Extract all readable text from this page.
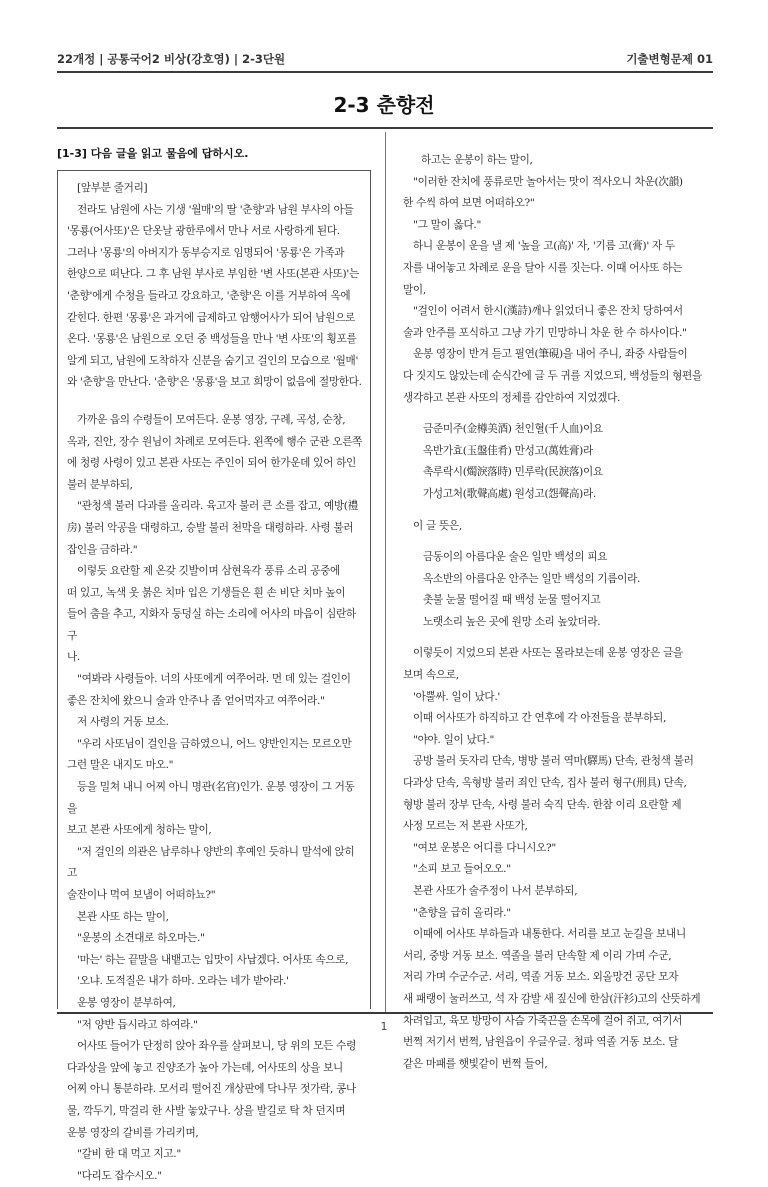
22개정 | 공통국어2 비상(강호영) | 2-3단원	기출변형문제 01
2-3 춘향전
[1-3] 다음 글을 읽고 물음에 답하시오.

[앞부분 줄거리]

전라도 남원에 사는 기생 '월매'의 딸 '춘향'과 남원 부사의 아들

'몽룡(어사또)'은 단옷날 광한루에서 만나 서로 사랑하게 된다.

그러나 '몽룡'의 아버지가 동부승지로 임명되어 '몽룡'은 가족과

한양으로 떠난다. 그 후 남원 부사로 부임한 '변 사또(본관 사또)'는

'춘향'에게 수청을 들라고 강요하고, '춘향'은 이를 거부하여 옥에

갇힌다. 한편 '몽룡'은 과거에 급제하고 암행어사가 되어 남원으로

온다. '몽룡'은 남원으로 오던 중 백성들을 만나 '변 사또'의 횡포를

알게 되고, 남원에 도착하자 신분을 숨기고 걸인의 모습으로 '월매'

와 '춘향'을 만난다. '춘향'은 '몽룡'을 보고 희망이 없음에 절망한다.

가까운 읍의 수령들이 모여든다. 운봉 영장, 구례, 곡성, 순창,

옥과, 진안, 장수 원님이 차례로 모여든다. 왼쪽에 행수 군관 오른쪽

에 청령 사령이 있고 본관 사또는 주인이 되어 한가운데 있어 하인

불러 분부하되,

"관청색 불러 다과를 올리라. 육고자 불러 큰 소를 잡고, 예방(禮

房) 불러 악공을 대령하고, 승발 불러 천막을 대령하라. 사령 불러

잡인을 금하라."

이렇듯 요란할 제 온갖 깃발이며 삼현육각 풍류 소리 공중에

떠 있고, 녹색 옷 붉은 치마 입은 기생들은 흰 손 비단 치마 높이

들어 춤을 추고, 지화자 둥덩실 하는 소리에 어사의 마음이 심란하구

나.

"여봐라 사령들아. 너의 사또에게 여쭈어라. 먼 데 있는 걸인이

좋은 잔치에 왔으니 술과 안주나 좀 얻어먹자고 여쭈어라."

저 사령의 거동 보소.

"우리 사또님이 걸인을 금하였으니, 어느 양반인지는 모르오만

그런 말은 내지도 마오."

등을 밀쳐 내니 어찌 아니 명관(名官)인가. 운봉 영장이 그 거동을

보고 본관 사또에게 청하는 말이,

"저 걸인의 의관은 남루하나 양반의 후예인 듯하니 말석에 앉히고

술잔이나 먹여 보냄이 어떠하뇨?"

본관 사또 하는 말이,

"운봉의 소견대로 하오마는."

'마는' 하는 끝말을 내뱉고는 입맛이 사납겠다. 어사또 속으로,

'오냐. 도적질은 내가 하마. 오라는 네가 받아라.'

운봉 영장이 분부하여,

"저 양반 듭시라고 하여라."

어사또 들어가 단정히 앉아 좌우를 살펴보니, 당 위의 모든 수령

다과상을 앞에 놓고 진양조가 높아 가는데, 어사또의 상을 보니

어찌 아니 통분하랴. 모서리 떨어진 개상판에 닥나무 젓가락, 콩나

물, 깍두기, 막걸리 한 사발 놓았구나. 상을 발길로 탁 차 던지며

운봉 영장의 갈비를 가리키며,

"갈비 한 대 먹고 지고."

"다리도 잡수시오."

하고는 운봉이 하는 말이,

"이러한 잔치에 풍류로만 놀아서는 맛이 적사오니 차운(次韻)

한 수씩 하여 보면 어떠하오?"

"그 말이 옳다."

하니 운봉이 운을 낼 제 '높을 고(高)' 자, '기름 고(膏)' 자 두

자를 내어놓고 차례로 운을 달아 시를 짓는다. 이때 어사또 하는

말이,

"걸인이 어려서 한시(漢詩)깨나 읽었더니 좋은 잔치 당하여서

술과 안주를 포식하고 그냥 가기 민망하니 차운 한 수 하사이다."

운봉 영장이 반겨 듣고 필연(筆硯)을 내어 주니, 좌중 사람들이

다 짓지도 않았는데 순식간에 글 두 귀를 지었으되, 백성들의 형편을

생각하고 본관 사또의 정체를 감안하여 지었겠다.

금준미주(金樽美酒) 천인혈(千人血)이요

옥반가효(玉盤佳肴) 만성고(萬姓膏)라

촉루락시(燭淚落時) 민루락(民淚落)이요

가성고처(歌聲高處) 원성고(怨聲高)라.

이 글 뜻은,

금동이의 아름다운 술은 일만 백성의 피요

옥소반의 아름다운 안주는 일만 백성의 기름이라.

촛불 눈물 떨어질 때 백성 눈물 떨어지고

노랫소리 높은 곳에 원망 소리 높았더라.

이렇듯이 지었으되 본관 사또는 몰라보는데 운봉 영장은 글을

보며 속으로,

'아뿔싸. 일이 났다.'

이때 어사또가 하직하고 간 연후에 각 아전들을 분부하되,

"야야. 일이 났다."

공방 불러 돗자리 단속, 병방 불러 역마(驛馬) 단속, 관청색 불러

다과상 단속, 옥형방 불러 죄인 단속, 집사 불러 형구(刑具) 단속,

형방 불러 장부 단속, 사령 불러 숙직 단속. 한참 이리 요란할 제

사정 모르는 저 본관 사또가,

"여보 운봉은 어디를 다니시오?"

"소피 보고 들어오오."

본관 사또가 술주정이 나서 분부하되,

"춘향을 급히 올리라."

이때에 어사또 부하들과 내통한다. 서리를 보고 눈길을 보내니

서리, 중방 거동 보소. 역졸을 불러 단속할 제 이리 가며 수군,

저리 가며 수군수군. 서리, 역졸 거동 보소. 외올망건 공단 모자

새 패랭이 눌러쓰고, 석 자 감발 새 짚신에 한삼(汗衫)고의 산뜻하게

차려입고, 육모 방망이 사슴 가죽끈을 손목에 걸어 쥐고, 여기서

번쩍 저기서 번쩍, 남원읍이 우글우글. 청파 역졸 거동 보소. 달

같은 마패를 햇빛같이 번쩍 들어,

1
